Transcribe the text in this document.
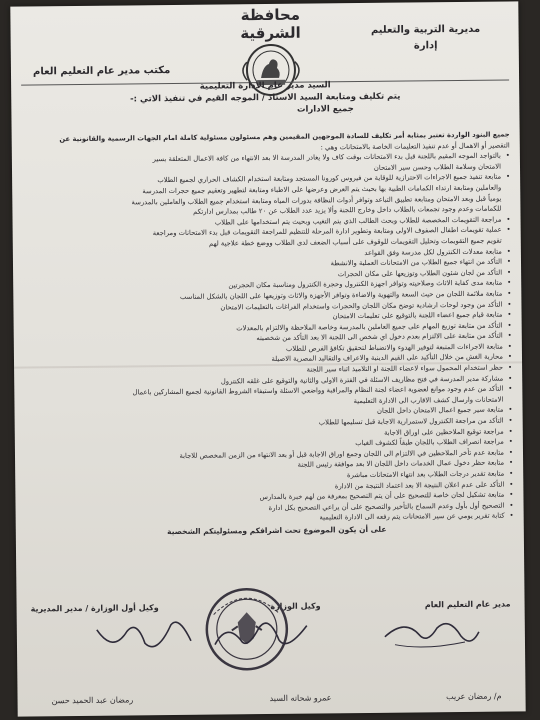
مديرية التربية والتعليم
إدارة
محافظة الشرقية
مكتب مدير عام التعليم العام
السيد مدير عام الادارة التعليمية
يتم تكليف ومتابعة السيد الاستاذ / الموجه القيم في تنفيذ الاتي :-
جميع الادارات
جميع البنود الواردة تعتبر بمثابة أمر تكليف للسادة الموجهين المقيمين وهم مسئولون مسئولية كاملة امام الجهات الرسمية والقانونية عن
التقصير أو الاهمال أو عدم تنفيذ التعليمات الخاصة بالامتحانات وهي :
• بالتواجد الموجه المقيم باللجنة قبل بدء الامتحانات بوقت كاف ولا يغادر المدرسة الا بعد الانتهاء من كافة الاعمال المتعلقة بسير
الامتحان وسلامة الطلاب وحسن سير الامتحان
• متابعة تنفيذ جميع الاجراءات الاحترازية للوقاية من فيروس كورونا المستجد ومتابعة استخدام الكشاف الحراري لجميع الطلاب
والعاملين ومتابعة ارتداء الكمامات الطبية بها بحيث يتم العرض وعرضها على الاطباء ومتابعة لتطهير وتعقيم جميع حجرات المدرسة
يومياً قبل وبعد الامتحان ومتابعة تطبيق التباعد وتوافر أدوات النظافة بدورات المياه ومتابعة استخدام جميع الطلاب والعاملين بالمدرسة
للكمامات وعدم وجود تجمعات بالطلاب داخل وخارج اللجنة وألا يزيد عدد الطلاب عن ٢٠ طالب بمدارس ادارتكم
• مراجعة التقويمات المخصصة للطلاب وبحث الطالب الذي يتم التغيب وبحيث يتم استخدامها على الطلاب
• عملية تقويمات اطفال الصفوف الاولى ومتابعة وتطوير ادارة المرحلة للتنظيم للمراجعة التقويمات قبل بدء الامتحانات ومراجعة
تقويم جميع التقويمات وتحليل التقويمات للوقوف على أسباب الضعف لدى الطلاب ووضع خطة علاجية لهم
• متابعة معدلات الكنترول لكل مدرسة وفق القواعد
• التأكد من انتهاء جميع الطلاب من الامتحانات العملية والانشطة
• التأكد من لجان شئون الطلاب وتوزيعها على مكان الحجرات
• متابعة مدى كفاية الاثاث وصلاحيته وتوافر اجهزة الكنترول وحجرة الكنترول ومناسبة مكان الحجرتين
• متابعة ملائمة اللجان من حيث السعة والتهوية والاضاءة وتوافر الأجهزة والاثاث وتوزيعها على اللجان بالشكل المناسب
• التأكد من وجود لوحات ارشادية توضح مكان اللجان والحجرات واستخدام الفراغات بالتعليمات الامتحان
• متابعة قيام جميع اعضاء اللجنة بالتوقيع على تعليمات الامتحان
• التأكد من متابعة توزيع المهام على جميع العاملين بالمدرسة وخاصة الملاحظة والالتزام بالمعدلات
• التأكد من متابعة على الالتزام بعدم دخول اي شخص الى اللجنة الا بعد التأكد من شخصيته
• متابعة الاجراءات المتبعة لتوفير الهدوء والانضباط لتحقيق تكافؤ الفرص للطلاب
• محاربة الغش من خلال التأكيد على القيم الدينية والاعراف والتقاليد المصرية الاصيلة
• حظر استخدام المحمول سواء لاعضاء اللجنة او التلاميذ اثناء سير اللجنة
• مشاركة مدير المدرسة في فتح مظاريف الاسئلة في الفترة الاولى والثانية والتوقيع على غلقه الكنترول
• التأكد من عدم وجود موانع لعضوية اعضاء لجنة النظام والمراقبة وواضعي الاسئلة واستيفاء الشروط القانونية لجميع المشاركين باعمال
الامتحانات وارسال كشف الاقارب الى الادارة التعليمية
• متابعة سير جميع اعمال الامتحان داخل اللجان
• التأكد من مراجعة الكنترول لاستمرارية الاجابة قبل تسليمها للطلاب
• مراجعة توقيع الملاحظين على اوراق الاجابة
• مراجعة انصراف الطلاب باللجان طبقاً لكشوف الغياب
• متابعة عدم تأخر الملاحظين في الالتزام الى اللجان وجمع اوراق الاجابة قبل أو بعد الانتهاء من الزمن المخصص للاجابة
• متابعة حظر دخول عمال الخدمات داخل اللجان الا بعد موافقة رئيس اللجنة
• متابعة تقدير درجات الطلاب بعد انتهاء الامتحانات مباشرة
• التأكد على عدم اعلان النتيجة الا بعد اعتماد النتيجة من الادارة
• متابعة تشكيل لجان خاصة للتصحيح على أن يتم التصحيح بمعرفة من لهم خبرة بالمدارس
• التصحيح أول بأول وعدم السماح بالتأخير والتصحيح على أن يراعي التصحيح بكل ادارة
• كتابة تقرير يومي عن سير الامتحانات يتم رفعه الى الادارة التعليمية
على أن يكون الموضوع تحت اشرافكم ومسئوليتكم الشخصية
مدير عام التعليم العام
وكيل الوزارة
وكيل أول الوزارة / مدير المديرية
م/ رمضان عريب
عمرو شحاته السيد
رمضان عبد الحميد حسن
